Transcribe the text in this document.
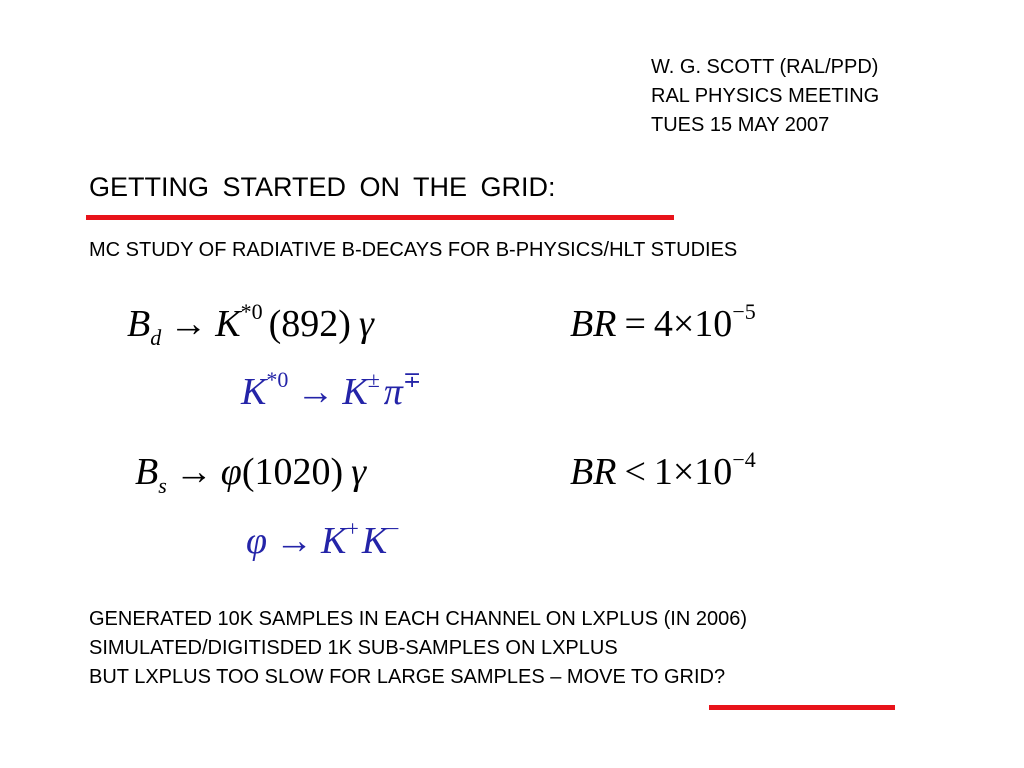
W. G. SCOTT (RAL/PPD)
RAL PHYSICS MEETING
TUES 15 MAY 2007
GETTING STARTED ON THE GRID:
MC STUDY OF RADIATIVE B-DECAYS FOR B-PHYSICS/HLT STUDIES
$B_d \to K^{*0}$ (892) γ	BR = $4\times 10^{-5}$
$K^{*0} \to K^\pm$ π∓
$B_s \to \varphi(1020)$ γ	BR < $1\times 10^{-4}$
φ → K+K−
GENERATED 10K SAMPLES IN EACH CHANNEL ON LXPLUS (IN 2006)
SIMULATED/DIGITISDED 1K SUB-SAMPLES ON LXPLUS
BUT LXPLUS TOO SLOW FOR LARGE SAMPLES – MOVE TO GRID?
